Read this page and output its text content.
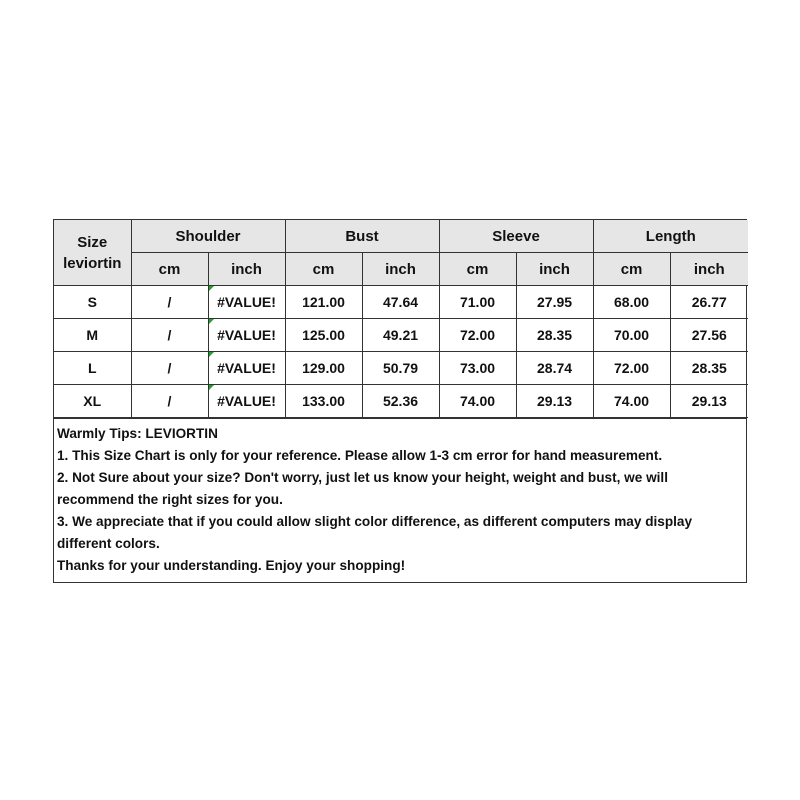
Size
leviortin	Shoulder		Bust		Sleeve		Length	
	cm	inch	cm	inch	cm	inch	cm	inch
S	/	#VALUE!	121.00	47.64	71.00	27.95	68.00	26.77
M	/	#VALUE!	125.00	49.21	72.00	28.35	70.00	27.56
L	/	#VALUE!	129.00	50.79	73.00	28.74	72.00	28.35
XL	/	#VALUE!	133.00	52.36	74.00	29.13	74.00	29.13

Warmly Tips: LEVIORTIN

1. This Size Chart is only for your reference. Please allow 1-3 cm error for hand measurement.

2. Not Sure about your size? Don't worry, just let us know your height, weight and bust, we will recommend the right sizes for you.

3. We appreciate that if you could allow slight color difference, as different computers may display different colors.

Thanks for your understanding. Enjoy your shopping!
